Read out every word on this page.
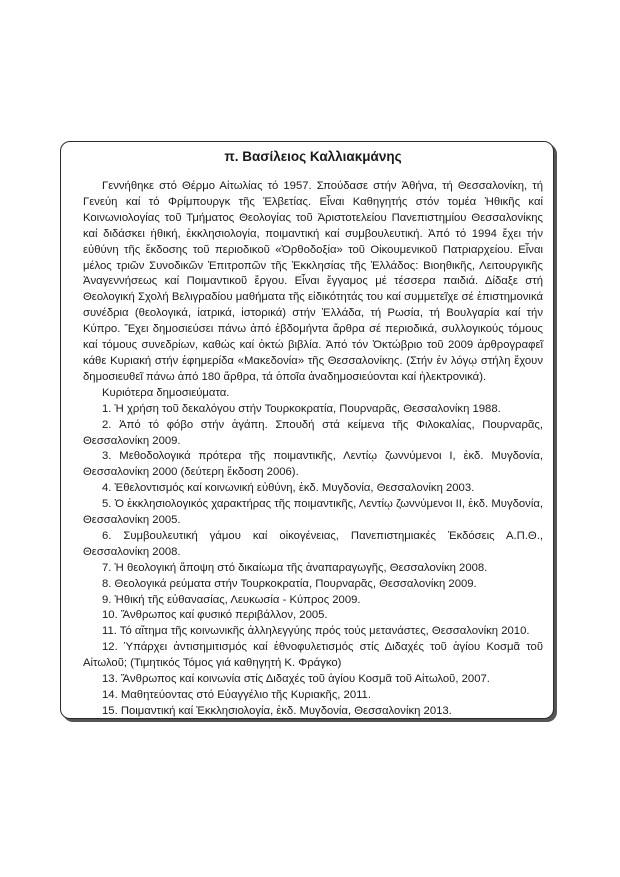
π. Βασίλειος Καλλιακμάνης

Γεννήθηκε στό Θέρμο Αἰτωλίας τό 1957. Σπούδασε στήν Ἀθήνα, τή Θεσσαλονίκη, τή Γενεύη καί τό Φρίμπουργκ τῆς Ἑλβετίας. Εἶναι Καθηγητής στόν τομέα Ἠθικῆς καί Κοινωνιολογίας τοῦ Τμήματος Θεολογίας τοῦ Ἀριστοτελείου Πανεπιστημίου Θεσσαλονίκης καί διδάσκει ἠθική, ἐκκλησιολογία, ποιμαντική καί συμβουλευτική. Ἀπό τό 1994 ἔχει τήν εὐθύνη τῆς ἔκδοσης τοῦ περιοδικοῦ «Ὀρθοδοξία» τοῦ Οἰκουμενικοῦ Πατριαρχείου. Εἶναι μέλος τριῶν Συνοδικῶν Ἐπιτροπῶν τῆς Ἐκκλησίας τῆς Ἑλλάδος: Βιοηθικῆς, Λειτουργικῆς Ἀναγεννήσεως καί Ποιμαντικοῦ ἔργου. Εἶναι ἔγγαμος μέ τέσσερα παιδιά. Δίδαξε στή Θεολογική Σχολή Βελιγραδίου μαθήματα τῆς εἰδικότητάς του καί συμμετεῖχε σέ ἐπιστημονικά συνέδρια (θεολογικά, ἰατρικά, ἱστορικά) στήν Ἑλλάδα, τή Ρωσία, τή Βουλγαρία καί τήν Κύπρο. Ἔχει δημοσιεύσει πάνω ἀπό ἑβδομήντα ἄρθρα σέ περιοδικά, συλλογικούς τόμους καί τόμους συνεδρίων, καθώς καί ὀκτώ βιβλία. Ἀπό τόν Ὀκτώβριο τοῦ 2009 ἀρθρογραφεῖ κάθε Κυριακή στήν ἐφημερίδα «Μακεδονία» τῆς Θεσσαλονίκης. (Στήν ἐν λόγῳ στήλη ἔχουν δημοσιευθεῖ πάνω ἀπό 180 ἄρθρα, τά ὁποῖα ἀναδημοσιεύονται καί ἠλεκτρονικά).

Κυριότερα δημοσιεύματα.

1. Ἡ χρήση τοῦ δεκαλόγου στήν Τουρκοκρατία, Πουρναρᾶς, Θεσσαλονίκη 1988.
2. Ἀπό τό φόβο στήν ἀγάπη. Σπουδή στά κείμενα τῆς Φιλοκαλίας, Πουρναρᾶς, Θεσσαλονίκη 2009.
3. Μεθοδολογικά πρότερα τῆς ποιμαντικῆς, Λεντίῳ ζωννύμενοι Ι, ἐκδ. Μυγδονία, Θεσσαλονίκη 2000 (δεύτερη ἔκδοση 2006).
4. Ἐθελοντισμός καί κοινωνική εὐθύνη, ἐκδ. Μυγδονία, Θεσσαλονίκη 2003.
5. Ὁ ἐκκλησιολογικός χαρακτήρας τῆς ποιμαντικῆς, Λεντίῳ ζωννύμενοι ΙΙ, ἐκδ. Μυγδονία, Θεσσαλονίκη 2005.
6. Συμβουλευτική γάμου καί οἰκογένειας, Πανεπιστημιακές Ἐκδόσεις Α.Π.Θ., Θεσσαλονίκη 2008.
7. Ἡ θεολογική ἄποψη στό δικαίωμα τῆς ἀναπαραγωγῆς, Θεσσαλονίκη 2008.
8. Θεολογικά ρεύματα στήν Τουρκοκρατία, Πουρναρᾶς, Θεσσαλονίκη 2009.
9. Ἠθική τῆς εὐθανασίας, Λευκωσία - Κύπρος 2009.
10. Ἄνθρωπος καί φυσικό περιβάλλον, 2005.
11. Τό αἴτημα τῆς κοινωνικῆς ἀλληλεγγύης πρός τούς μετανάστες, Θεσσαλονίκη 2010.
12. Ὑπάρχει ἀντισημιτισμός καί ἐθνοφυλετισμός στίς Διδαχές τοῦ ἁγίου Κοσμᾶ τοῦ Αἰτωλοῦ; (Τιμητικός Τόμος γιά καθηγητή Κ. Φράγκο)
13. Ἄνθρωπος καί κοινωνία στίς Διδαχές τοῦ ἁγίου Κοσμᾶ τοῦ Αἰτωλοῦ, 2007.
14. Μαθητεύοντας στό Εὐαγγέλιο τῆς Κυριακῆς, 2011.
15. Ποιμαντική καί Ἐκκλησιολογία, ἐκδ. Μυγδονία, Θεσσαλονίκη 2013.
